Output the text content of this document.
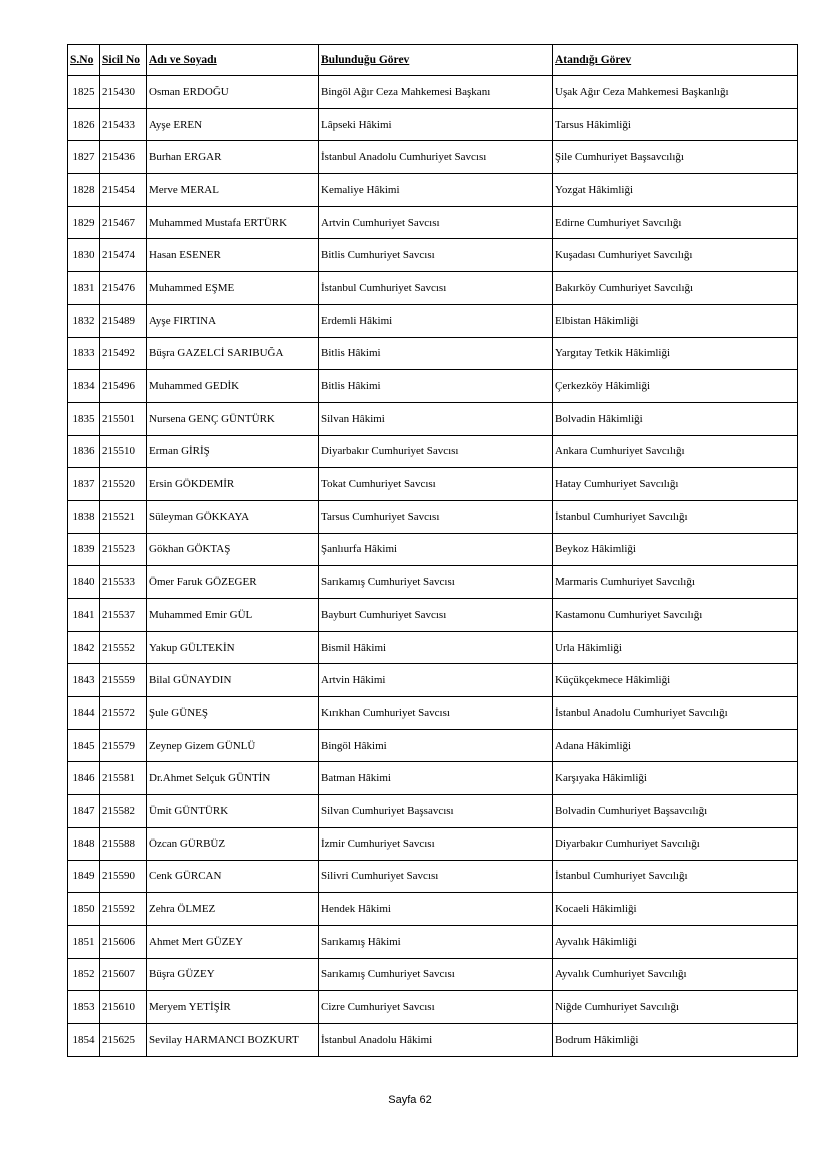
S.No	Sicil No	Adı ve Soyadı	Bulunduğu Görev	Atandığı Görev
1825	215430	Osman ERDOĞU	Bingöl Ağır Ceza Mahkemesi Başkanı	Uşak Ağır Ceza Mahkemesi Başkanlığı
1826	215433	Ayşe EREN	Lâpseki Hâkimi	Tarsus Hâkimliği
1827	215436	Burhan ERGAR	İstanbul Anadolu Cumhuriyet Savcısı	Şile Cumhuriyet Başsavcılığı
1828	215454	Merve MERAL	Kemaliye Hâkimi	Yozgat Hâkimliği
1829	215467	Muhammed Mustafa ERTÜRK	Artvin Cumhuriyet Savcısı	Edirne Cumhuriyet Savcılığı
1830	215474	Hasan ESENER	Bitlis Cumhuriyet Savcısı	Kuşadası Cumhuriyet Savcılığı
1831	215476	Muhammed EŞME	İstanbul Cumhuriyet Savcısı	Bakırköy Cumhuriyet Savcılığı
1832	215489	Ayşe FIRTINA	Erdemli Hâkimi	Elbistan Hâkimliği
1833	215492	Büşra GAZELCİ SARIBUĞA	Bitlis Hâkimi	Yargıtay Tetkik Hâkimliği
1834	215496	Muhammed GEDİK	Bitlis Hâkimi	Çerkezköy Hâkimliği
1835	215501	Nursena GENÇ GÜNTÜRK	Silvan Hâkimi	Bolvadin Hâkimliği
1836	215510	Erman GİRİŞ	Diyarbakır Cumhuriyet Savcısı	Ankara Cumhuriyet Savcılığı
1837	215520	Ersin GÖKDEMİR	Tokat Cumhuriyet Savcısı	Hatay Cumhuriyet Savcılığı
1838	215521	Süleyman GÖKKAYA	Tarsus Cumhuriyet Savcısı	İstanbul Cumhuriyet Savcılığı
1839	215523	Gökhan GÖKTAŞ	Şanlıurfa Hâkimi	Beykoz Hâkimliği
1840	215533	Ömer Faruk GÖZEGER	Sarıkamış Cumhuriyet Savcısı	Marmaris Cumhuriyet Savcılığı
1841	215537	Muhammed Emir GÜL	Bayburt Cumhuriyet Savcısı	Kastamonu Cumhuriyet Savcılığı
1842	215552	Yakup GÜLTEKİN	Bismil Hâkimi	Urla Hâkimliği
1843	215559	Bilal GÜNAYDIN	Artvin Hâkimi	Küçükçekmece Hâkimliği
1844	215572	Şule GÜNEŞ	Kırıkhan Cumhuriyet Savcısı	İstanbul Anadolu Cumhuriyet Savcılığı
1845	215579	Zeynep Gizem GÜNLÜ	Bingöl Hâkimi	Adana Hâkimliği
1846	215581	Dr.Ahmet Selçuk GÜNTİN	Batman Hâkimi	Karşıyaka Hâkimliği
1847	215582	Ümit GÜNTÜRK	Silvan Cumhuriyet Başsavcısı	Bolvadin Cumhuriyet Başsavcılığı
1848	215588	Özcan GÜRBÜZ	İzmir Cumhuriyet Savcısı	Diyarbakır Cumhuriyet Savcılığı
1849	215590	Cenk GÜRCAN	Silivri Cumhuriyet Savcısı	İstanbul Cumhuriyet Savcılığı
1850	215592	Zehra ÖLMEZ	Hendek Hâkimi	Kocaeli Hâkimliği
1851	215606	Ahmet Mert GÜZEY	Sarıkamış Hâkimi	Ayvalık Hâkimliği
1852	215607	Büşra GÜZEY	Sarıkamış Cumhuriyet Savcısı	Ayvalık Cumhuriyet Savcılığı
1853	215610	Meryem YETİŞİR	Cizre Cumhuriyet Savcısı	Niğde Cumhuriyet Savcılığı
1854	215625	Sevilay HARMANCI BOZKURT	İstanbul Anadolu Hâkimi	Bodrum Hâkimliği
Sayfa 62
